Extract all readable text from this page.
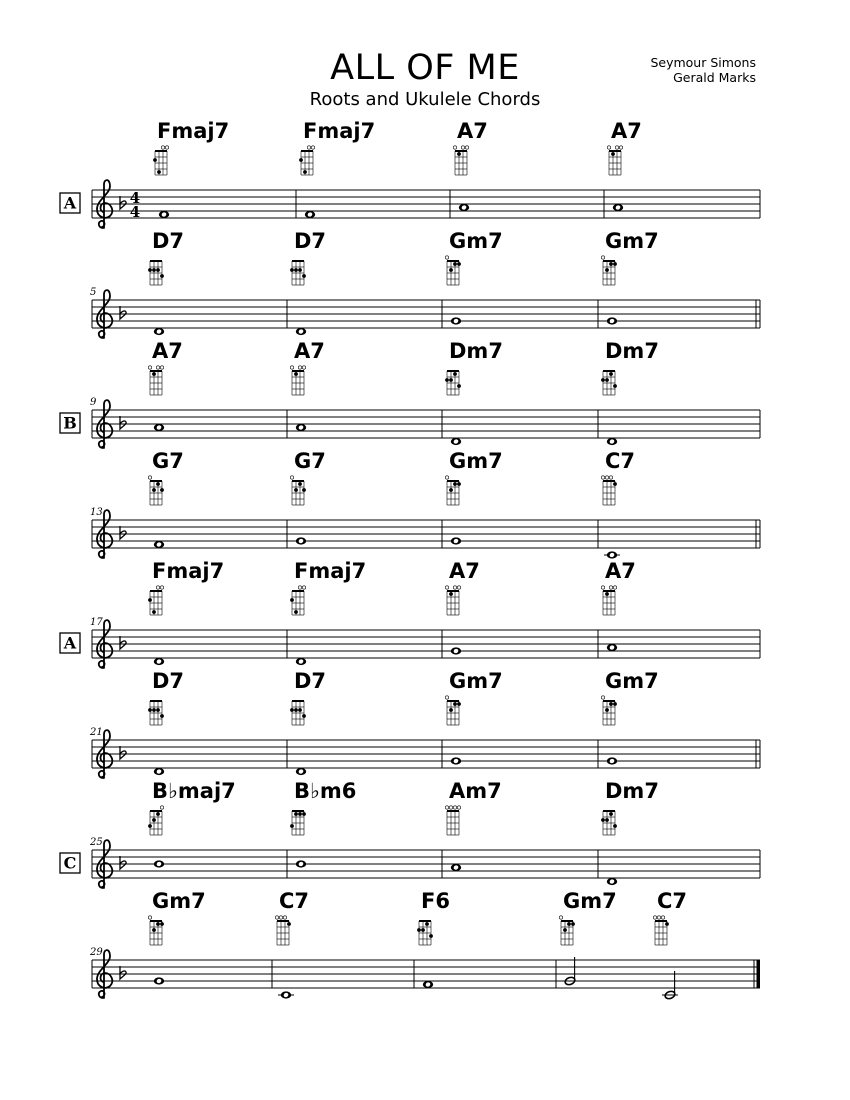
ALL OF ME
Roots and Ukulele Chords
Seymour Simons
Gerald Marks
4
4
A
Fmaj7	Fmaj7	A7	A7
5
D7	D7	Gm7	Gm7
B
9
A7	A7	Dm7	Dm7
13
G7	G7	Gm7	C7
A
17
Fmaj7	Fmaj7	A7	A7
21
D7	D7	Gm7	Gm7
C
25
B♭maj7	B♭m6	Am7	Dm7
29
Gm7	C7	F6	Gm7 C7
